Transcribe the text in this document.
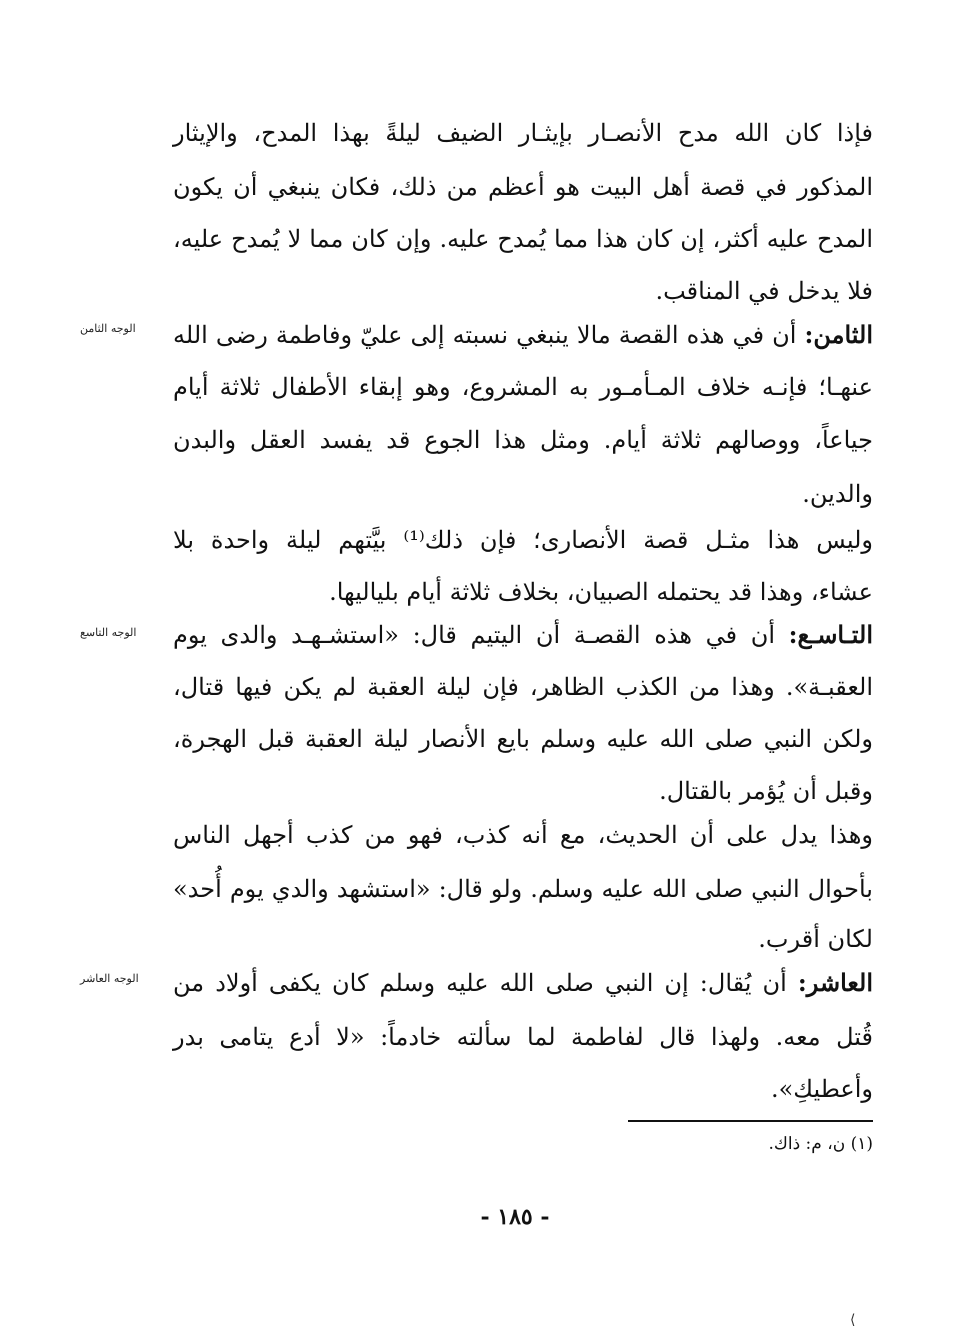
فإذا كان الله مدح الأنصـار بإيثـار الضيف ليلةً بهذا المدح، والإيثار
المذكور في قصة أهل البيت هو أعظم من ذلك، فكان ينبغي أن يكون
المدح عليه أكثر، إن كان هذا مما يُمدح عليه. وإن كان مما لا يُمدح عليه،
فلا يدخل في المناقب.
الثامن: أن في هذه القصة مالا ينبغي نسبته إلى عليّ وفاطمة رضى الله
الوجه الثامن
عنهـا؛ فإنـه خلاف المـأمـور به المشروع، وهو إبقاء الأطفال ثلاثة أيام
جياعاً، ووصالهم ثلاثة أيام. ومثل هذا الجوع قد يفسد العقل والبدن
والدين.
وليس هذا مثـل قصة الأنصارى؛ فإن ذلك⁽¹⁾ بيَّتهم ليلة واحدة بلا
عشاء، وهذا قد يحتمله الصبيان، بخلاف ثلاثة أيام بلياليها.
التـاسـع: أن في هذه القصـة أن اليتيم قال: «استشـهـد والدى يوم
الوجه التاسع
العقبـة». وهذا من الكذب الظاهر، فإن ليلة العقبة لم يكن فيها قتال،
ولكن النبي صلى الله عليه وسلم بايع الأنصار ليلة العقبة قبل الهجرة،
وقبل أن يُؤمر بالقتال.
وهذا يدل على أن الحديث، مع أنه كذب، فهو من كذب أجهل الناس
بأحوال النبي صلى الله عليه وسلم. ولو قال: «استشهد والدي يوم أُحد»
لكان أقرب.
العاشر: أن يُقال: إن النبي صلى الله عليه وسلم كان يكفى أولاد من
الوجه العاشر
قُتل معه. ولهذا قال لفاطمة لما سألته خادماً: «لا أدع يتامى بدر
وأعطيكِ».
(١) ن، م: ذاك.
- ١٨٥ -
⟨
